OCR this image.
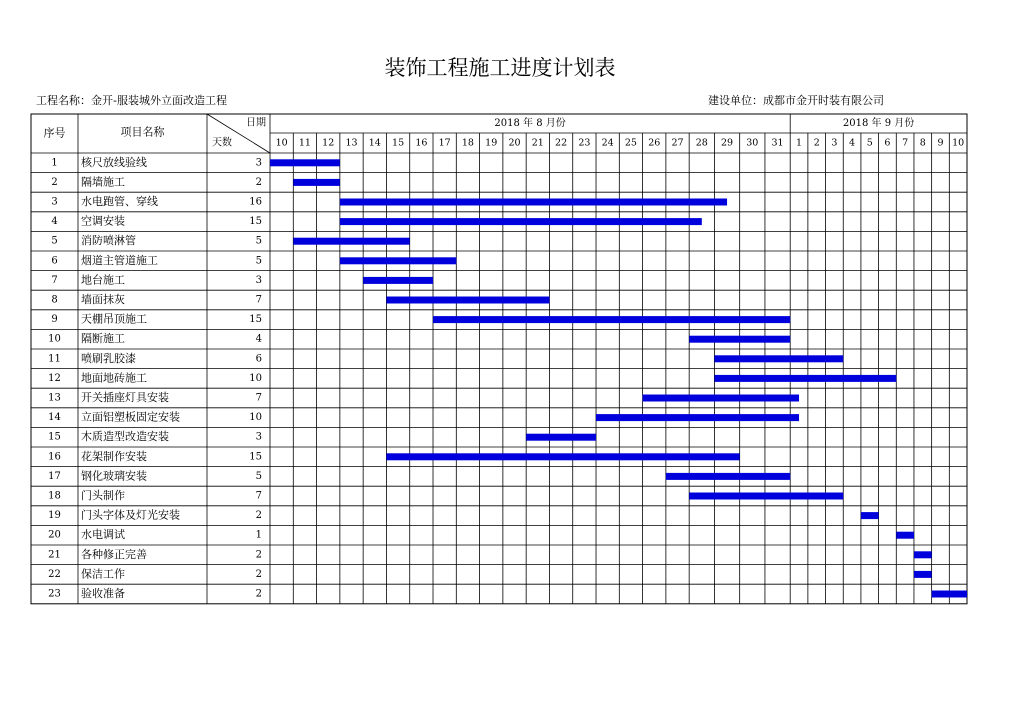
装饰工程施工进度计划表
工程名称：金开-服装城外立面改造工程	建设单位：成都市金开时装有限公司
序号	项目名称
日期
天数
2018 年 8 月份	2018 年 9 月份
10 11 12 13 14 15 16 17 18 19 20 21 22 23 24 25 26 27 28 29 30 31 1 2 3 4 5 6 7 8 9 10
1 核尺放线验线	3
2 隔墙施工	2
3 水电跑管、穿线	16
4 空调安装	15
5 消防喷淋管	5
6 烟道主管道施工	5
7 地台施工	3
8 墙面抹灰	7
9 天棚吊顶施工	15
10 隔断施工	4
11 喷刷乳胶漆	6
12 地面地砖施工	10
13 开关插座灯具安装	7
14 立面铝塑板固定安装	10
15 木质造型改造安装	3
16 花架制作安装	15
17 钢化玻璃安装	5
18 门头制作	7
19 门头字体及灯光安装	2
20 水电调试	1
21 各种修正完善	2
22 保洁工作	2
23 验收准备	2
